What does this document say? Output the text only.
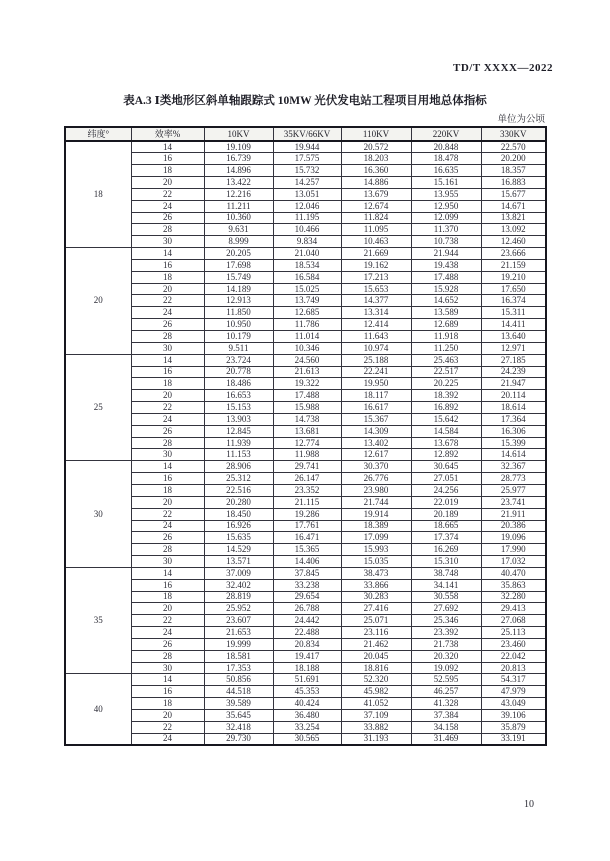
TD/T XXXX—2022
表A.3 Ⅰ类地形区斜单轴跟踪式 10MW 光伏发电站工程项目用地总体指标
单位为公顷
纬度°	效率%	10KV	35KV/66KV	110KV	220KV	330KV
18	14	19.109	19.944	20.572	20.848	22.570
	16	16.739	17.575	18.203	18.478	20.200
	18	14.896	15.732	16.360	16.635	18.357
	20	13.422	14.257	14.886	15.161	16.883
	22	12.216	13.051	13.679	13.955	15.677
	24	11.211	12.046	12.674	12.950	14.671
	26	10.360	11.195	11.824	12.099	13.821
	28	9.631	10.466	11.095	11.370	13.092
	30	8.999	9.834	10.463	10.738	12.460
20	14	20.205	21.040	21.669	21.944	23.666
	16	17.698	18.534	19.162	19.438	21.159
	18	15.749	16.584	17.213	17.488	19.210
	20	14.189	15.025	15.653	15.928	17.650
	22	12.913	13.749	14.377	14.652	16.374
	24	11.850	12.685	13.314	13.589	15.311
	26	10.950	11.786	12.414	12.689	14.411
	28	10.179	11.014	11.643	11.918	13.640
	30	9.511	10.346	10.974	11.250	12.971
25	14	23.724	24.560	25.188	25.463	27.185
	16	20.778	21.613	22.241	22.517	24.239
	18	18.486	19.322	19.950	20.225	21.947
	20	16.653	17.488	18.117	18.392	20.114
	22	15.153	15.988	16.617	16.892	18.614
	24	13.903	14.738	15.367	15.642	17.364
	26	12.845	13.681	14.309	14.584	16.306
	28	11.939	12.774	13.402	13.678	15.399
	30	11.153	11.988	12.617	12.892	14.614
30	14	28.906	29.741	30.370	30.645	32.367
	16	25.312	26.147	26.776	27.051	28.773
	18	22.516	23.352	23.980	24.256	25.977
	20	20.280	21.115	21.744	22.019	23.741
	22	18.450	19.286	19.914	20.189	21.911
	24	16.926	17.761	18.389	18.665	20.386
	26	15.635	16.471	17.099	17.374	19.096
	28	14.529	15.365	15.993	16.269	17.990
	30	13.571	14.406	15.035	15.310	17.032
35	14	37.009	37.845	38.473	38.748	40.470
	16	32.402	33.238	33.866	34.141	35.863
	18	28.819	29.654	30.283	30.558	32.280
	20	25.952	26.788	27.416	27.692	29.413
	22	23.607	24.442	25.071	25.346	27.068
	24	21.653	22.488	23.116	23.392	25.113
	26	19.999	20.834	21.462	21.738	23.460
	28	18.581	19.417	20.045	20.320	22.042
	30	17.353	18.188	18.816	19.092	20.813
40	14	50.856	51.691	52.320	52.595	54.317
	16	44.518	45.353	45.982	46.257	47.979
	18	39.589	40.424	41.052	41.328	43.049
	20	35.645	36.480	37.109	37.384	39.106
	22	32.418	33.254	33.882	34.158	35.879
	24	29.730	30.565	31.193	31.469	33.191
10
